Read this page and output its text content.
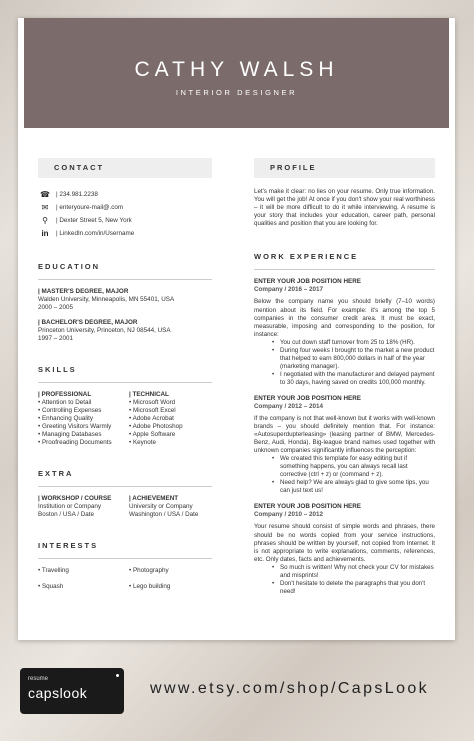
CATHY WALSH
INTERIOR DESIGNER
CONTACT
☎ | 234.981.2238
✉	| enteryoure-mail@.com
⚲	| Dexter Street 5, New York
in	| LinkedIn.com/in/Username
EDUCATION
| MASTER'S DEGREE, MAJOR
Walden University, Minneapolis, MN 55401, USA
2000 – 2005
| BACHELOR'S DEGREE, MAJOR
Princeton University, Princeton, NJ 08544, USA
1997 – 2001
SKILLS
| PROFESSIONAL
• Attention to Detail
• Controlling Expenses
• Enhancing Quality
• Greeting Visitors Warmly
• Managing Databases
• Proofreading Documents
| TECHNICAL
• Microsoft Word
• Microsoft Excel
• Adobe Acrobat
• Adobe Photoshop
• Apple Software
• Keynote
EXTRA
| WORKSHOP / COURSE
Institution or Company
Boston / USA / Date
| ACHIEVEMENT
University or Company
Washington / USA / Date
INTERESTS
• Travelling
• Squash
• Photography
• Lego building
PROFILE

Let's make it clear: no lies on your resume. Only true information. You will get the job! At once if you don't show your real worthiness – it will be more difficult to do it while interviewing. A resume is your story that includes your education, career path, personal qualities and position that you are looking for.

WORK EXPERIENCE
ENTER YOUR JOB POSITION HERE
Company / 2016 – 2017

Below the company name you should briefly (7–10 words) mention about its field. For example: it's among the top 5 companies in the consumer credit area. It must be exact, measurable, imposing and corresponding to the position, for instance:

• You cut down staff turnover from 25 to 18% (HR).
• During four weeks I brought to the market a new product that helped to earn 800,000 dollars in half of the year (marketing manager).
• I negotiated with the manufacturer and delayed payment to 30 days, having saved on credits 100,000 monthly.
ENTER YOUR JOB POSITION HERE
Company / 2012 – 2014

If the company is not that well-known but it works with well-known brands – you should definitely mention that. For instance: «Autosuperdupterleasing» (leasing partner of BMW, Mercedes-Benz, Audi, Honda). Big-league brand names used together with unknown companies significantly influences the perception:

• We created this template for easy editing but if something happens, you can always recall last corrective (ctrl + z) or (command + z).
• Need help? We are always glad to give some tips, you can just text us!
ENTER YOUR JOB POSITION HERE
Company / 2010 – 2012

Your resume should consist of simple words and phrases, there should be no words copied from your service instructions, phrases should be written by yourself, not copied from Internet. It is not appropriate to write explanations, comments, references, etc. Only dates, facts and achievements.

• So much is written! Why not check your CV for mistakes and misprints!
• Don't hesitate to delete the paragraphs that you don't need!
resume
capslook	www.etsy.com/shop/CapsLook
